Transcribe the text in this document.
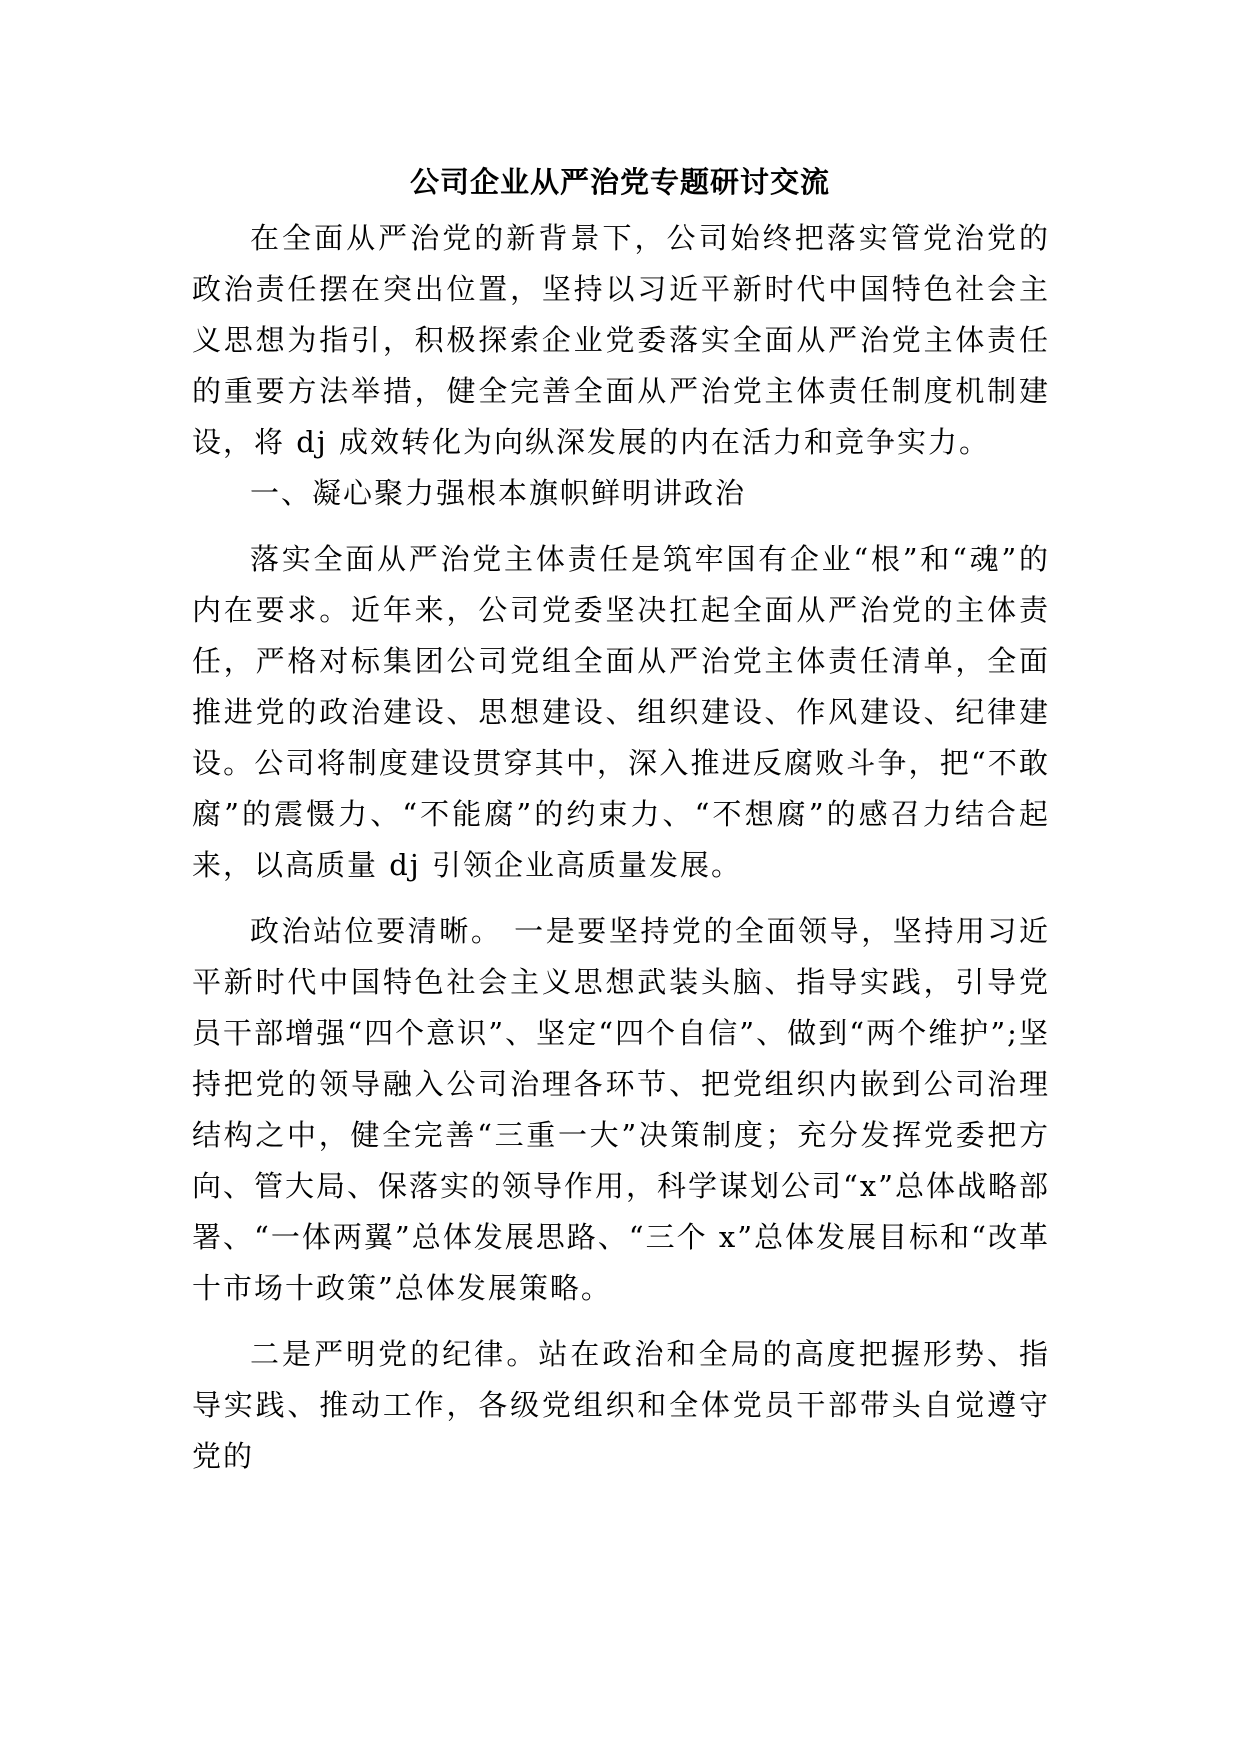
公司企业从严治党专题研讨交流

在全面从严治党的新背景下，公司始终把落实管党治党的政治责任摆在突出位置，坚持以习近平新时代中国特色社会主义思想为指引，积极探索企业党委落实全面从严治党主体责任的重要方法举措，健全完善全面从严治党主体责任制度机制建设，将 dj 成效转化为向纵深发展的内在活力和竞争实力。

一、凝心聚力强根本旗帜鲜明讲政治

落实全面从严治党主体责任是筑牢国有企业“根”和“魂”的内在要求。近年来，公司党委坚决扛起全面从严治党的主体责任，严格对标集团公司党组全面从严治党主体责任清单，全面推进党的政治建设、思想建设、组织建设、作风建设、纪律建设。公司将制度建设贯穿其中，深入推进反腐败斗争，把“不敢腐”的震慑力、“不能腐”的约束力、“不想腐”的感召力结合起来，以高质量 dj 引领企业高质量发展。

政治站位要清晰。 一是要坚持党的全面领导，坚持用习近平新时代中国特色社会主义思想武装头脑、指导实践，引导党员干部增强“四个意识”、坚定“四个自信”、做到“两个维护”;坚持把党的领导融入公司治理各环节、把党组织内嵌到公司治理结构之中，健全完善“三重一大”决策制度；充分发挥党委把方向、管大局、保落实的领导作用，科学谋划公司“x”总体战略部署、“一体两翼”总体发展思路、“三个 x”总体发展目标和“改革十市场十政策”总体发展策略。

二是严明党的纪律。站在政治和全局的高度把握形势、指导实践、推动工作，各级党组织和全体党员干部带头自觉遵守党的
